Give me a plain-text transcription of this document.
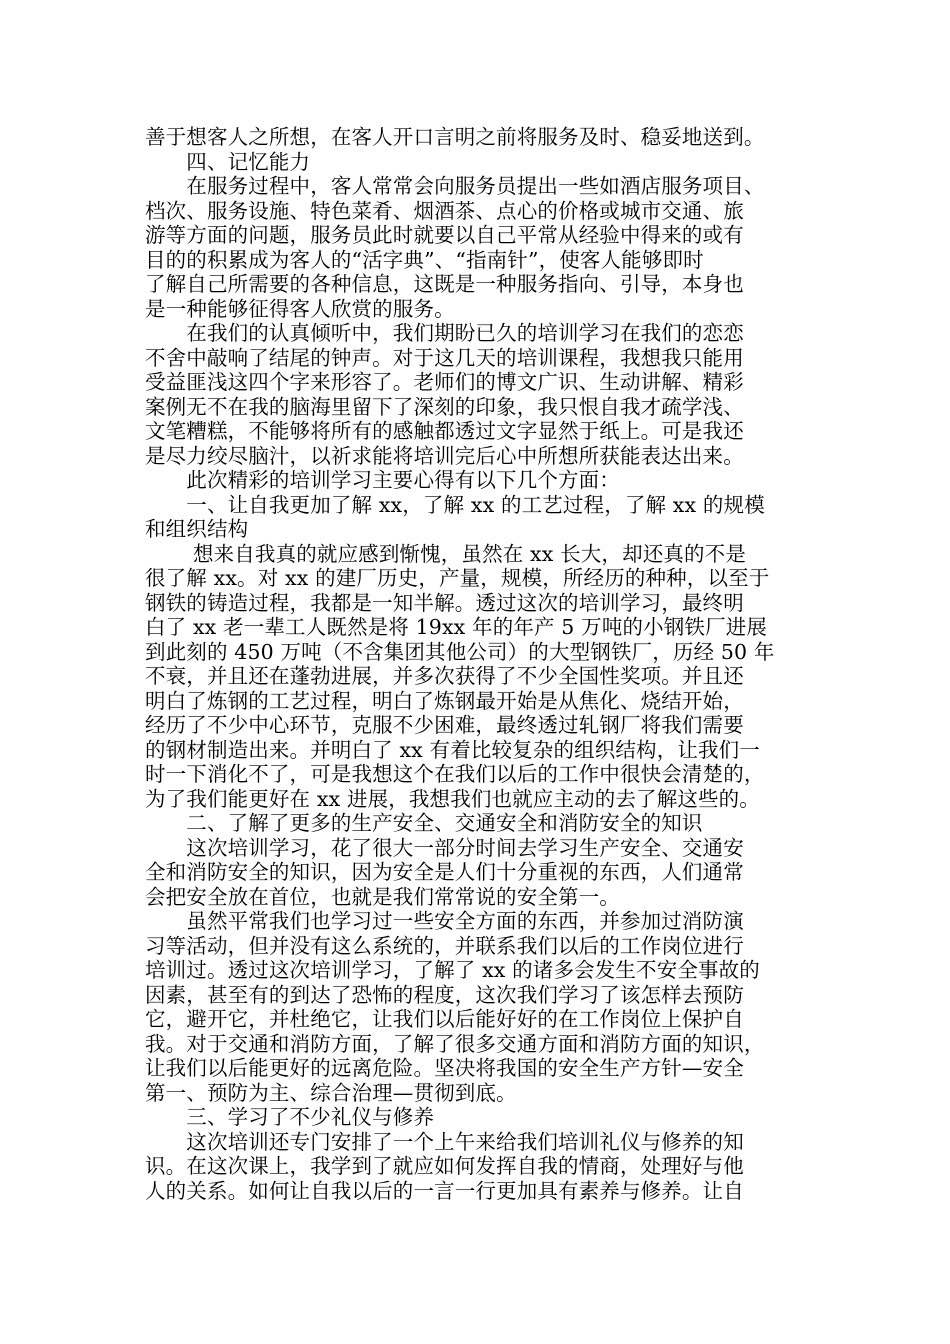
善于想客人之所想，在客人开口言明之前将服务及时、稳妥地送到。
　　四、记忆能力
　　在服务过程中，客人常常会向服务员提出一些如酒店服务项目、
档次、服务设施、特色菜肴、烟酒茶、点心的价格或城市交通、旅
游等方面的问题，服务员此时就要以自己平常从经验中得来的或有
目的的积累成为客人的“活字典”、“指南针”，使客人能够即时
了解自己所需要的各种信息，这既是一种服务指向、引导，本身也
是一种能够征得客人欣赏的服务。
　　在我们的认真倾听中，我们期盼已久的培训学习在我们的恋恋
不舍中敲响了结尾的钟声。对于这几天的培训课程，我想我只能用
受益匪浅这四个字来形容了。老师们的博文广识、生动讲解、精彩
案例无不在我的脑海里留下了深刻的印象，我只恨自我才疏学浅、
文笔糟糕，不能够将所有的感触都透过文字显然于纸上。可是我还
是尽力绞尽脑汁，以祈求能将培训完后心中所想所获能表达出来。
　　此次精彩的培训学习主要心得有以下几个方面：
　　一、让自我更加了解 xx，了解 xx 的工艺过程，了解 xx 的规模
和组织结构
　　 想来自我真的就应感到惭愧，虽然在 xx 长大，却还真的不是
很了解 xx。对 xx 的建厂历史，产量，规模，所经历的种种，以至于
钢铁的铸造过程，我都是一知半解。透过这次的培训学习，最终明
白了 xx 老一辈工人既然是将 19xx 年的年产 5 万吨的小钢铁厂进展
到此刻的 450 万吨（不含集团其他公司）的大型钢铁厂，历经 50 年
不衰，并且还在蓬勃进展，并多次获得了不少全国性奖项。并且还
明白了炼钢的工艺过程，明白了炼钢最开始是从焦化、烧结开始，
经历了不少中心环节，克服不少困难，最终透过轧钢厂将我们需要
的钢材制造出来。并明白了 xx 有着比较复杂的组织结构，让我们一
时一下消化不了，可是我想这个在我们以后的工作中很快会清楚的，
为了我们能更好在 xx 进展，我想我们也就应主动的去了解这些的。
　　二、了解了更多的生产安全、交通安全和消防安全的知识
　　这次培训学习，花了很大一部分时间去学习生产安全、交通安
全和消防安全的知识，因为安全是人们十分重视的东西，人们通常
会把安全放在首位，也就是我们常常说的安全第一。
　　虽然平常我们也学习过一些安全方面的东西，并参加过消防演
习等活动，但并没有这么系统的，并联系我们以后的工作岗位进行
培训过。透过这次培训学习，了解了 xx 的诸多会发生不安全事故的
因素，甚至有的到达了恐怖的程度，这次我们学习了该怎样去预防
它，避开它，并杜绝它，让我们以后能好好的在工作岗位上保护自
我。对于交通和消防方面，了解了很多交通方面和消防方面的知识，
让我们以后能更好的远离危险。坚决将我国的安全生产方针—安全
第一、预防为主、综合治理—贯彻到底。
　　三、学习了不少礼仪与修养
　　这次培训还专门安排了一个上午来给我们培训礼仪与修养的知
识。在这次课上，我学到了就应如何发挥自我的情商，处理好与他
人的关系。如何让自我以后的一言一行更加具有素养与修养。让自
